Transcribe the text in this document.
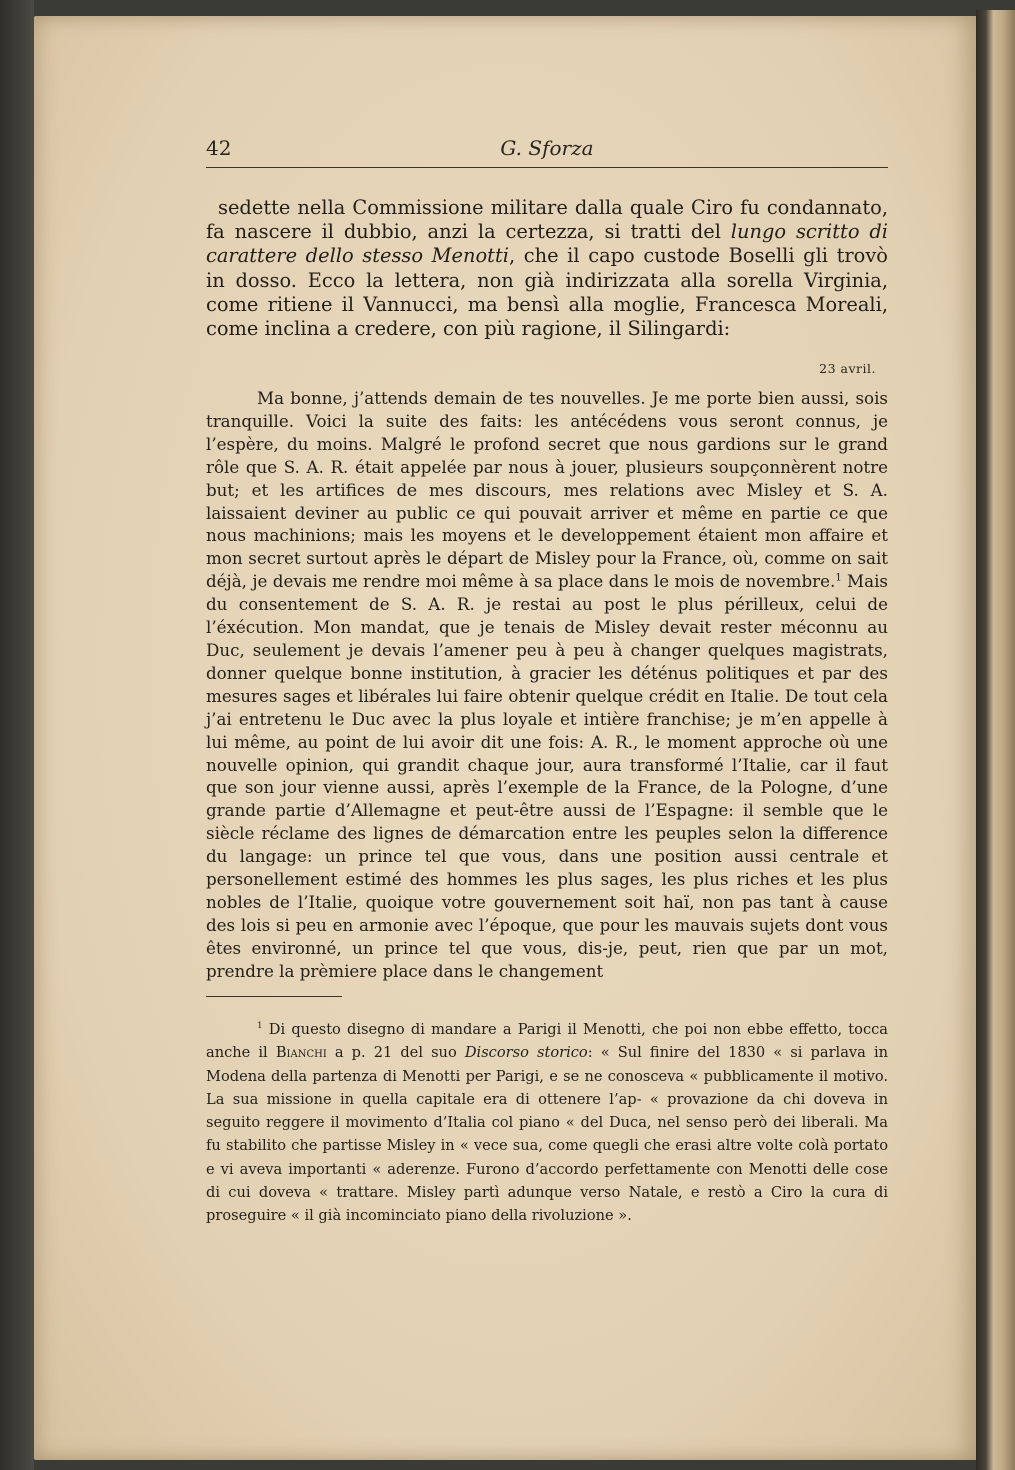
42	G. Sforza

sedette nella Commissione militare dalla quale Ciro fu condannato, fa nascere il dubbio, anzi la certezza, si tratti del lungo scritto di carattere dello stesso Menotti, che il capo custode Boselli gli trovò in dosso. Ecco la lettera, non già indirizzata alla sorella Virginia, come ritiene il Vannucci, ma bensì alla moglie, Francesca Moreali, come inclina a credere, con più ragione, il Silingardi:

23 avril.

Ma bonne, j’attends demain de tes nouvelles. Je me porte bien aussi, sois tranquille. Voici la suite des faits: les antécédens vous seront connus, je l’espère, du moins. Malgré le profond secret que nous gardions sur le grand rôle que S. A. R. était appelée par nous à jouer, plusieurs soupçonnèrent notre but; et les artifices de mes discours, mes relations avec Misley et S. A. laissaient deviner au public ce qui pouvait arriver et même en partie ce que nous machinions; mais les moyens et le developpement étaient mon affaire et mon secret surtout après le départ de Misley pour la France, où, comme on sait déjà, je devais me rendre moi même à sa place dans le mois de novembre.$^1$ Mais du consentement de S. A. R. je restai au post le plus périlleux, celui de l’éxécution. Mon mandat, que je tenais de Misley devait rester méconnu au Duc, seulement je devais l’amener peu à peu à changer quelques magistrats, donner quelque bonne institution, à gracier les déténus politiques et par des mesures sages et libérales lui faire obtenir quelque crédit en Italie. De tout cela j’ai entretenu le Duc avec la plus loyale et intière franchise; je m’en appelle à lui même, au point de lui avoir dit une fois: A. R., le moment approche où une nouvelle opinion, qui grandit chaque jour, aura transformé l’Italie, car il faut que son jour vienne aussi, après l’exemple de la France, de la Pologne, d’une grande partie d’Allemagne et peut-être aussi de l’Espagne: il semble que le siècle réclame des lignes de démarcation entre les peuples selon la difference du langage: un prince tel que vous, dans une position aussi centrale et personellement estimé des hommes les plus sages, les plus riches et les plus nobles de l’Italie, quoique votre gouvernement soit haï, non pas tant à cause des lois si peu en armonie avec l’époque, que pour les mauvais sujets dont vous êtes environné, un prince tel que vous, dis-je, peut, rien que par un mot, prendre la prèmiere place dans le changement

$^1$ Di questo disegno di mandare a Parigi il Menotti, che poi non ebbe effetto, tocca anche il Bianchi a p. 21 del suo Discorso storico: « Sul finire del 1830 « si parlava in Modena della partenza di Menotti per Parigi, e se ne conosceva « pubblicamente il motivo. La sua missione in quella capitale era di ottenere l’ap- « provazione da chi doveva in seguito reggere il movimento d’Italia col piano « del Duca, nel senso però dei liberali. Ma fu stabilito che partisse Misley in « vece sua, come quegli che erasi altre volte colà portato e vi aveva importanti « aderenze. Furono d’accordo perfettamente con Menotti delle cose di cui doveva « trattare. Misley partì adunque verso Natale, e restò a Ciro la cura di proseguire « il già incominciato piano della rivoluzione ».
